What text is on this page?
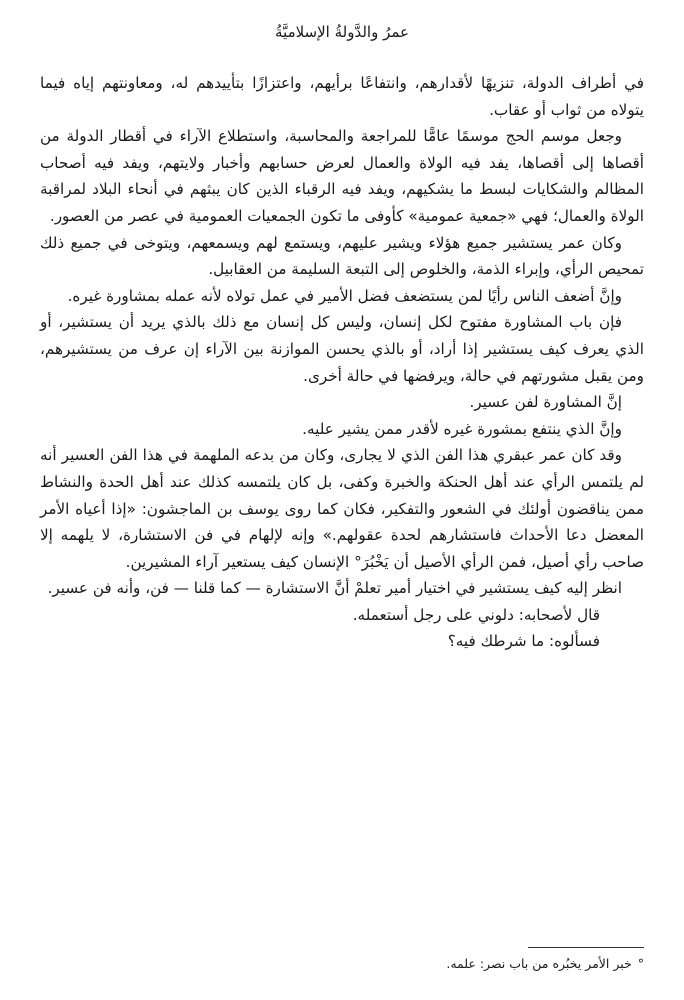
عمرُ والدَّولةُ الإسلاميَّةُ

في أطراف الدولة، تنزيهًا لأقدارهم، وانتفاعًا برأيهم، واعتزازًا بتأييدهم له، ومعاونتهم إياه فيما يتولاه من ثواب أو عقاب.

وجعل موسم الحج موسمًا عامًّا للمراجعة والمحاسبة، واستطلاع الآراء في أقطار الدولة من أقصاها إلى أقصاها، يفد فيه الولاة والعمال لعرض حسابهم وأخبار ولايتهم، ويفد فيه أصحاب المظالم والشكايات لبسط ما يشكيهم، ويفد فيه الرقباء الذين كان يبثهم في أنحاء البلاد لمراقبة الولاة والعمال؛ فهي «جمعية عمومية» كأوفى ما تكون الجمعيات العمومية في عصر من العصور.

وكان عمر يستشير جميع هؤلاء ويشير عليهم، ويستمع لهم ويسمعهم، ويتوخى في جميع ذلك تمحيص الرأي، وإبراء الذمة، والخلوص إلى التبعة السليمة من العقابيل.

وإنَّ أضعف الناس رأيًا لمن يستضعف فضل الأمير في عمل تولاه لأنه عمله بمشاورة غيره.

فإن باب المشاورة مفتوح لكل إنسان، وليس كل إنسان مع ذلك بالذي يريد أن يستشير، أو الذي يعرف كيف يستشير إذا أراد، أو بالذي يحسن الموازنة بين الآراء إن عرف من يستشيرهم، ومن يقبل مشورتهم في حالة، ويرفضها في حالة أخرى.

إنَّ المشاورة لفن عسير.

وإنَّ الذي ينتفع بمشورة غيره لأقدر ممن يشير عليه.

وقد كان عمر عبقري هذا الفن الذي لا يجارى، وكان من بدعه الملهمة في هذا الفن العسير أنه لم يلتمس الرأي عند أهل الحنكة والخبرة وكفى، بل كان يلتمسه كذلك عند أهل الحدة والنشاط ممن يناقضون أولئك في الشعور والتفكير، فكان كما روى يوسف بن الماجشون: «إذا أعياه الأمر المعضل دعا الأحداث فاستشارهم لحدة عقولهم.» وإنه لإلهام في فن الاستشارة، لا يلهمه إلا صاحب رأي أصيل، فمن الرأي الأصيل أن يَخْبُرَ° الإنسان كيف يستعير آراء المشيرين.

انظر إليه كيف يستشير في اختيار أمير تعلمْ أنَّ الاستشارة — كما قلنا — فن، وأنه فن عسير.

قال لأصحابه: دلوني على رجل أستعمله.

فسألوه: ما شرطك فيه؟

°خبر الأمر يخبُره من باب نصر: علمه.
